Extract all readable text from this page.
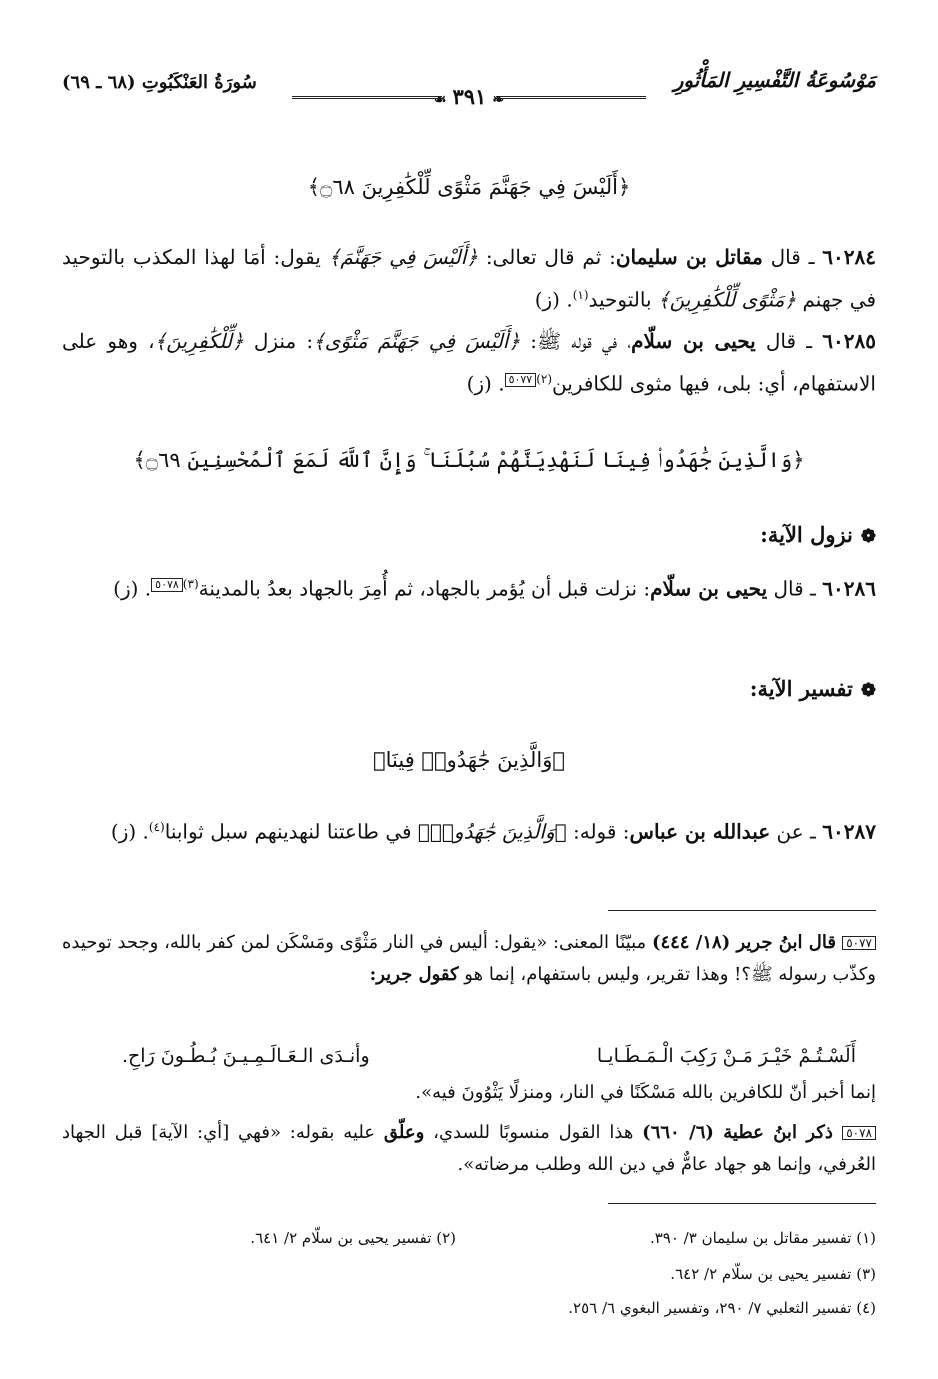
مَوْسُوعَةُ التَّفْسِيرِ المَأْثُورِ
سُورَةُ العَنْكَبُوتِ (٦٨ ـ ٦٩)
❧٣٩١☙
﴿أَلَيْسَ فِي جَهَنَّمَ مَثْوًى لِّلْكَٰفِرِينَ ۝٦٨﴾
٦٠٢٨٤ ـ قال مقاتل بن سليمان: ثم قال تعالى: ﴿أَلَيْسَ فِي جَهَنَّمَ﴾ يقول: أمَا لهذا المكذب بالتوحيد في جهنم ﴿مَثْوًى لِّلْكَٰفِرِينَ﴾ بالتوحيد$^{(١)}$. (ز)
٦٠٢٨٥ ـ قال يحيى بن سلّام، في قوله ﷺ: ﴿أَلَيْسَ فِي جَهَنَّمَ مَثْوًى﴾: منزل ﴿لِّلْكَٰفِرِينَ﴾، وهو على الاستفهام، أي: بلى، فيها مثوى للكافرين$^{(٢)}$٥٠٧٧. (ز)
﴿وَالَّذِينَ جَٰهَدُوا۟ فِينَا لَنَهْدِيَنَّهُمْ سُبُلَنَا ۚ وَإِنَّ ٱللَّهَ لَمَعَ ٱلْمُحْسِنِينَ ۝٦٩﴾
❁نزول الآية:
٦٠٢٨٦ ـ قال يحيى بن سلّام: نزلت قبل أن يُؤمر بالجهاد، ثم أُمِرَ بالجهاد بعدُ بالمدينة$^{(٣)}$٥٠٧٨. (ز)
❁تفسير الآية:
﴿وَالَّذِينَ جَٰهَدُوا۟ فِينَا﴾
٦٠٢٨٧ ـ عن عبدالله بن عباس: قوله: ﴿وَالَّذِينَ جَٰهَدُوا۟﴾ في طاعتنا لنهدينهم سبل ثوابنا$^{(٤)}$. (ز)
٥٠٧٧ قال ابنُ جرير (١٨/ ٤٤٤) مبيّنًا المعنى: «يقول: أليس في النار مَثْوًى ومَسْكَن لمن كفر بالله، وجحد توحيده وكذّب رسوله ﷺ؟! وهذا تقرير، وليس باستفهام، إنما هو كقول جرير:
أَلَسْـتُـمْ خَيْـرَ مَـنْ رَكِبَ الْـمَـطَـايـا
وأنـدَى الـعَـالَـمِـيـنَ بُـطُـونَ رَاحِ.
إنما أخبر أنّ للكافرين بالله مَسْكَنًا في النار، ومنزلًا يَثْوُونَ فيه».
٥٠٧٨ ذكر ابنُ عطية (٦/ ٦٦٠) هذا القول منسوبًا للسدي، وعلّق عليه بقوله: «فهي [أي: الآية] قبل الجهاد العُرفي، وإنما هو جهاد عامٌّ في دين الله وطلب مرضاته».
(١) تفسير مقاتل بن سليمان ٣/ ٣٩٠.
(٢) تفسير يحيى بن سلّام ٢/ ٦٤١.
(٣) تفسير يحيى بن سلّام ٢/ ٦٤٢.
(٤) تفسير الثعلبي ٧/ ٢٩٠، وتفسير البغوي ٦/ ٢٥٦.
